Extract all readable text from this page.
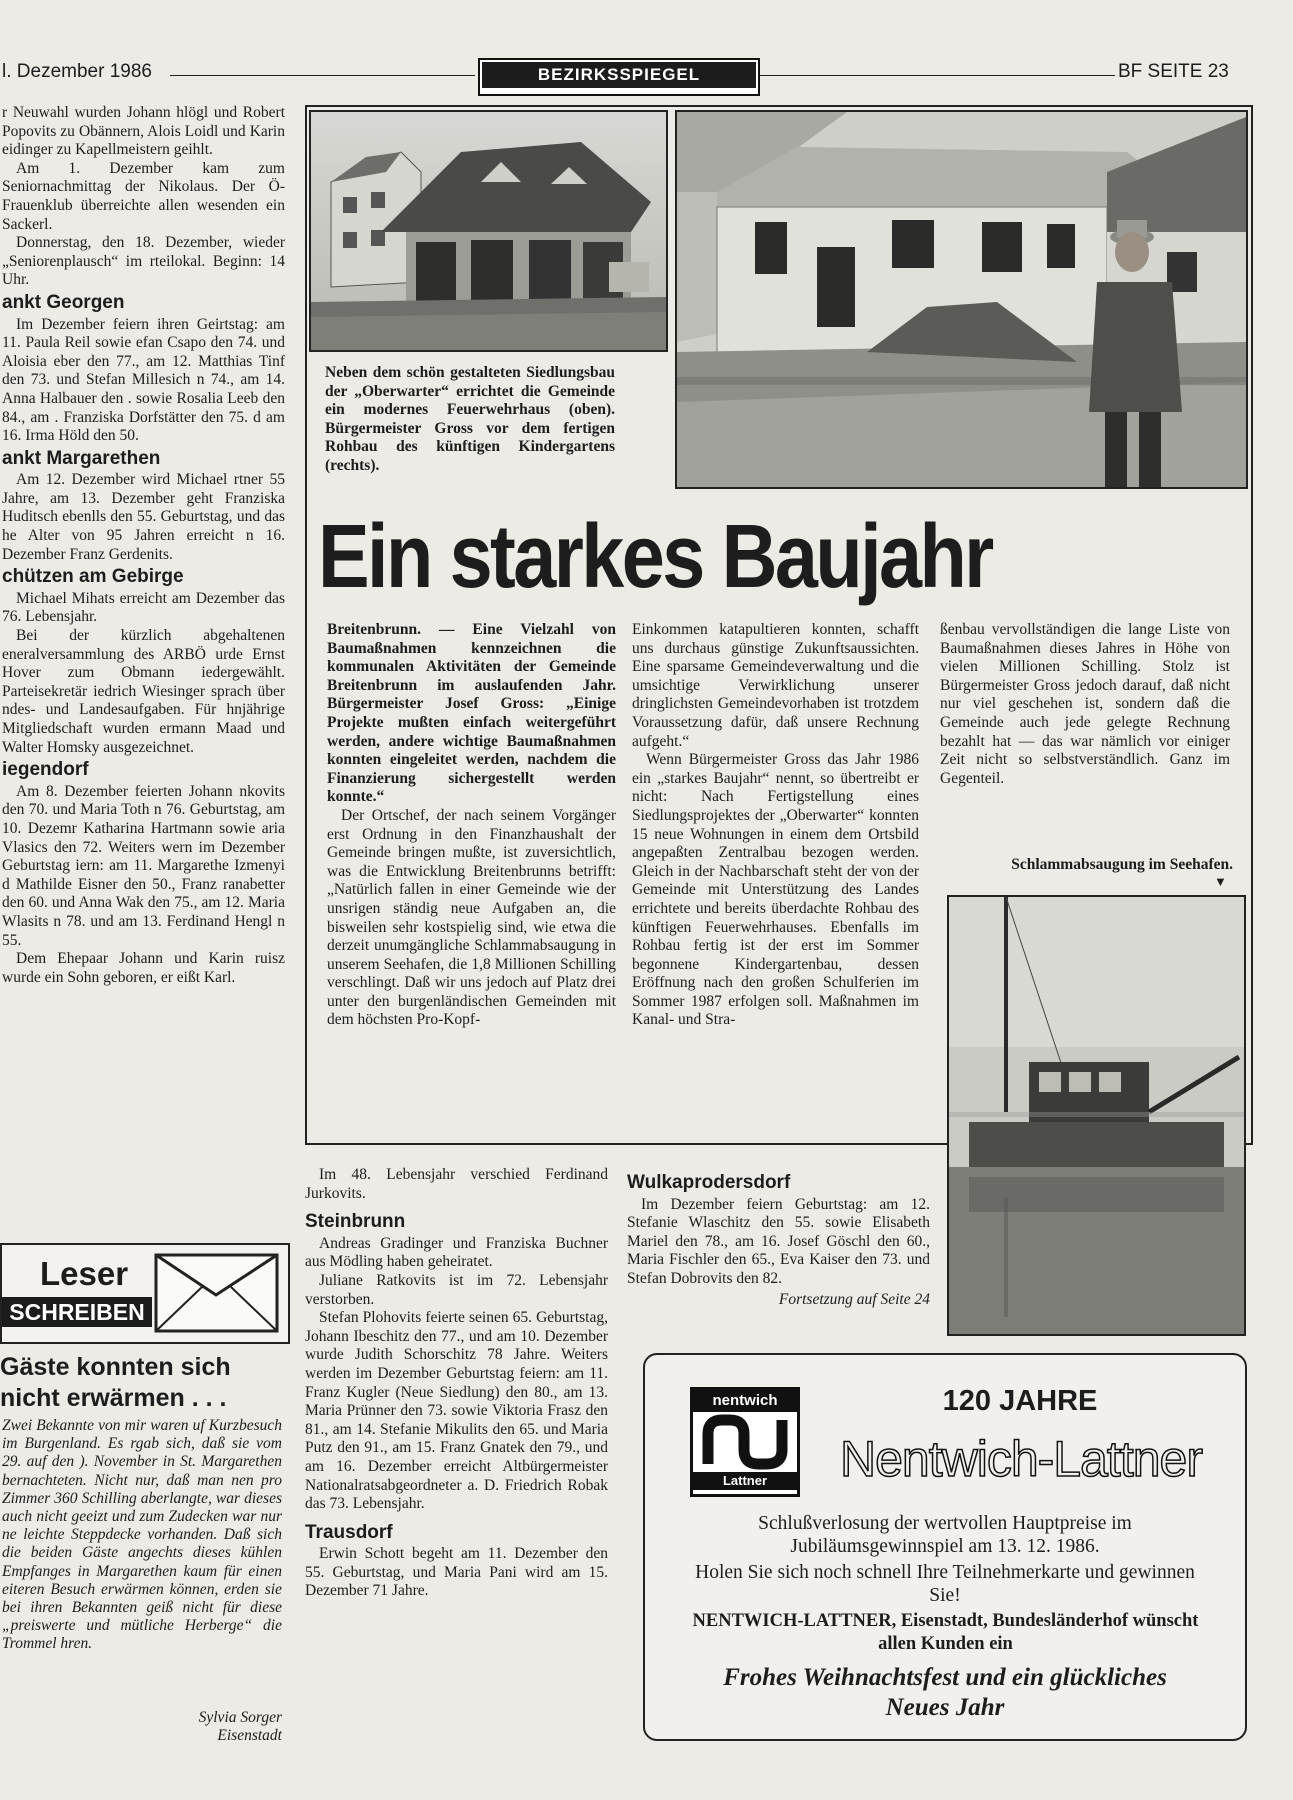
l. Dezember 1986	BEZIRKSSPIEGEL	BF SEITE 23

r Neuwahl wurden Johann hlögl und Robert Popovits zu Obännern, Alois Loidl und Karin eidinger zu Kapellmeistern geihlt.

Am 1. Dezember kam zum Seniornachmittag der Nikolaus. Der Ö-Frauenklub überreichte allen wesenden ein Sackerl.

Donnerstag, den 18. Dezember, wieder „Seniorenplausch“ im rteilokal. Beginn: 14 Uhr.

ankt Georgen

Im Dezember feiern ihren Geirtstag: am 11. Paula Reil sowie efan Csapo den 74. und Aloisia eber den 77., am 12. Matthias Tinf den 73. und Stefan Millesich n 74., am 14. Anna Halbauer den . sowie Rosalia Leeb den 84., am . Franziska Dorfstätter den 75. d am 16. Irma Höld den 50.

ankt Margarethen

Am 12. Dezember wird Michael rtner 55 Jahre, am 13. Dezember geht Franziska Huditsch ebenlls den 55. Geburtstag, und das he Alter von 95 Jahren erreicht n 16. Dezember Franz Gerdenits.

chützen am Gebirge

Michael Mihats erreicht am Dezember das 76. Lebensjahr.

Bei der kürzlich abgehaltenen eneralversammlung des ARBÖ urde Ernst Hover zum Obmann iedergewählt. Parteisekretär iedrich Wiesinger sprach über ndes- und Landesaufgaben. Für hnjährige Mitgliedschaft wurden ermann Maad und Walter Homsky ausgezeichnet.

iegendorf

Am 8. Dezember feierten Johann nkovits den 70. und Maria Toth n 76. Geburtstag, am 10. Dezemr Katharina Hartmann sowie aria Vlasics den 72. Weiters wern im Dezember Geburtstag iern: am 11. Margarethe Izmenyi d Mathilde Eisner den 50., Franz ranabetter den 60. und Anna Wak den 75., am 12. Maria Wlasits n 78. und am 13. Ferdinand Hengl n 55.

Dem Ehepaar Johann und Karin ruisz wurde ein Sohn geboren, er eißt Karl.

Leser
SCHREIBEN
Gäste konnten sich
nicht erwärmen . . .
Zwei Bekannte von mir waren uf Kurzbesuch im Burgenland. Es rgab sich, daß sie vom 29. auf den ). November in St. Margarethen bernachteten. Nicht nur, daß man nen pro Zimmer 360 Schilling aberlangte, war dieses auch nicht geeizt und zum Zudecken war nur ne leichte Steppdecke vorhanden. Daß sich die beiden Gäste angechts dieses kühlen Empfanges in Margarethen kaum für einen eiteren Besuch erwärmen können, erden sie bei ihren Bekannten geiß nicht für diese „preiswerte und mütliche Herberge“ die Trommel hren.
Sylvia Sorger
Eisenstadt
Neben dem schön gestalteten Siedlungsbau der „Oberwarter“ errichtet die Gemeinde ein modernes Feuerwehrhaus (oben). Bürgermeister Gross vor dem fertigen Rohbau des künftigen Kindergartens (rechts).
Ein starkes Baujahr

Breitenbrunn. — Eine Vielzahl von Baumaßnahmen kennzeichnen die kommunalen Aktivitäten der Gemeinde Breitenbrunn im auslaufenden Jahr. Bürgermeister Josef Gross: „Einige Projekte mußten einfach weitergeführt werden, andere wichtige Baumaßnahmen konnten eingeleitet werden, nachdem die Finanzierung sichergestellt werden konnte.“

Der Ortschef, der nach seinem Vorgänger erst Ordnung in den Finanzhaushalt der Gemeinde bringen mußte, ist zuversichtlich, was die Entwicklung Breitenbrunns betrifft: „Natürlich fallen in einer Gemeinde wie der unsrigen ständig neue Aufgaben an, die bisweilen sehr kostspielig sind, wie etwa die derzeit unumgängliche Schlammabsaugung in unserem Seehafen, die 1,8 Millionen Schilling verschlingt. Daß wir uns jedoch auf Platz drei unter den burgenländischen Gemeinden mit dem höchsten Pro-Kopf-

Einkommen katapultieren konnten, schafft uns durchaus günstige Zukunftsaussichten. Eine sparsame Gemeindeverwaltung und die umsichtige Verwirklichung unserer dringlichsten Gemeindevorhaben ist trotzdem Voraussetzung dafür, daß unsere Rechnung aufgeht.“

Wenn Bürgermeister Gross das Jahr 1986 ein „starkes Baujahr“ nennt, so übertreibt er nicht: Nach Fertigstellung eines Siedlungsprojektes der „Oberwarter“ konnten 15 neue Wohnungen in einem dem Ortsbild angepaßten Zentralbau bezogen werden. Gleich in der Nachbarschaft steht der von der Gemeinde mit Unterstützung des Landes errichtete und bereits überdachte Rohbau des künftigen Feuerwehrhauses. Ebenfalls im Rohbau fertig ist der erst im Sommer begonnene Kindergartenbau, dessen Eröffnung nach den großen Schulferien im Sommer 1987 erfolgen soll. Maßnahmen im Kanal- und Stra-

ßenbau vervollständigen die lange Liste von Baumaßnahmen dieses Jahres in Höhe von vielen Millionen Schilling. Stolz ist Bürgermeister Gross jedoch darauf, daß nicht nur viel geschehen ist, sondern daß die Gemeinde auch jede gelegte Rechnung bezahlt hat — das war nämlich vor einiger Zeit nicht so selbstverständlich. Ganz im Gegenteil.

Schlammabsaugung im Seehafen.
▼

Im 48. Lebensjahr verschied Ferdinand Jurkovits.

Steinbrunn

Andreas Gradinger und Franziska Buchner aus Mödling haben geheiratet.

Juliane Ratkovits ist im 72. Lebensjahr verstorben.

Stefan Plohovits feierte seinen 65. Geburtstag, Johann Ibeschitz den 77., und am 10. Dezember wurde Judith Schorschitz 78 Jahre. Weiters werden im Dezember Geburtstag feiern: am 11. Franz Kugler (Neue Siedlung) den 80., am 13. Maria Prünner den 73. sowie Viktoria Frasz den 81., am 14. Stefanie Mikulits den 65. und Maria Putz den 91., am 15. Franz Gnatek den 79., und am 16. Dezember erreicht Altbürgermeister Nationalratsabgeordneter a. D. Friedrich Robak das 73. Lebensjahr.

Trausdorf

Erwin Schott begeht am 11. Dezember den 55. Geburtstag, und Maria Pani wird am 15. Dezember 71 Jahre.

Wulkaprodersdorf

Im Dezember feiern Geburtstag: am 12. Stefanie Wlaschitz den 55. sowie Elisabeth Mariel den 78., am 16. Josef Göschl den 60., Maria Fischler den 65., Eva Kaiser den 73. und Stefan Dobrovits den 82.

Fortsetzung auf Seite 24
nentwich
Lattner
120 JAHRE
Nentwich-Lattner
Schlußverlosung der wertvollen Hauptpreise im Jubiläumsgewinnspiel am 13. 12. 1986.
Holen Sie sich noch schnell Ihre Teilnehmerkarte und gewinnen Sie!
NENTWICH-LATTNER, Eisenstadt, Bundesländerhof wünscht allen Kunden ein
Frohes Weihnachtsfest und ein glückliches Neues Jahr
